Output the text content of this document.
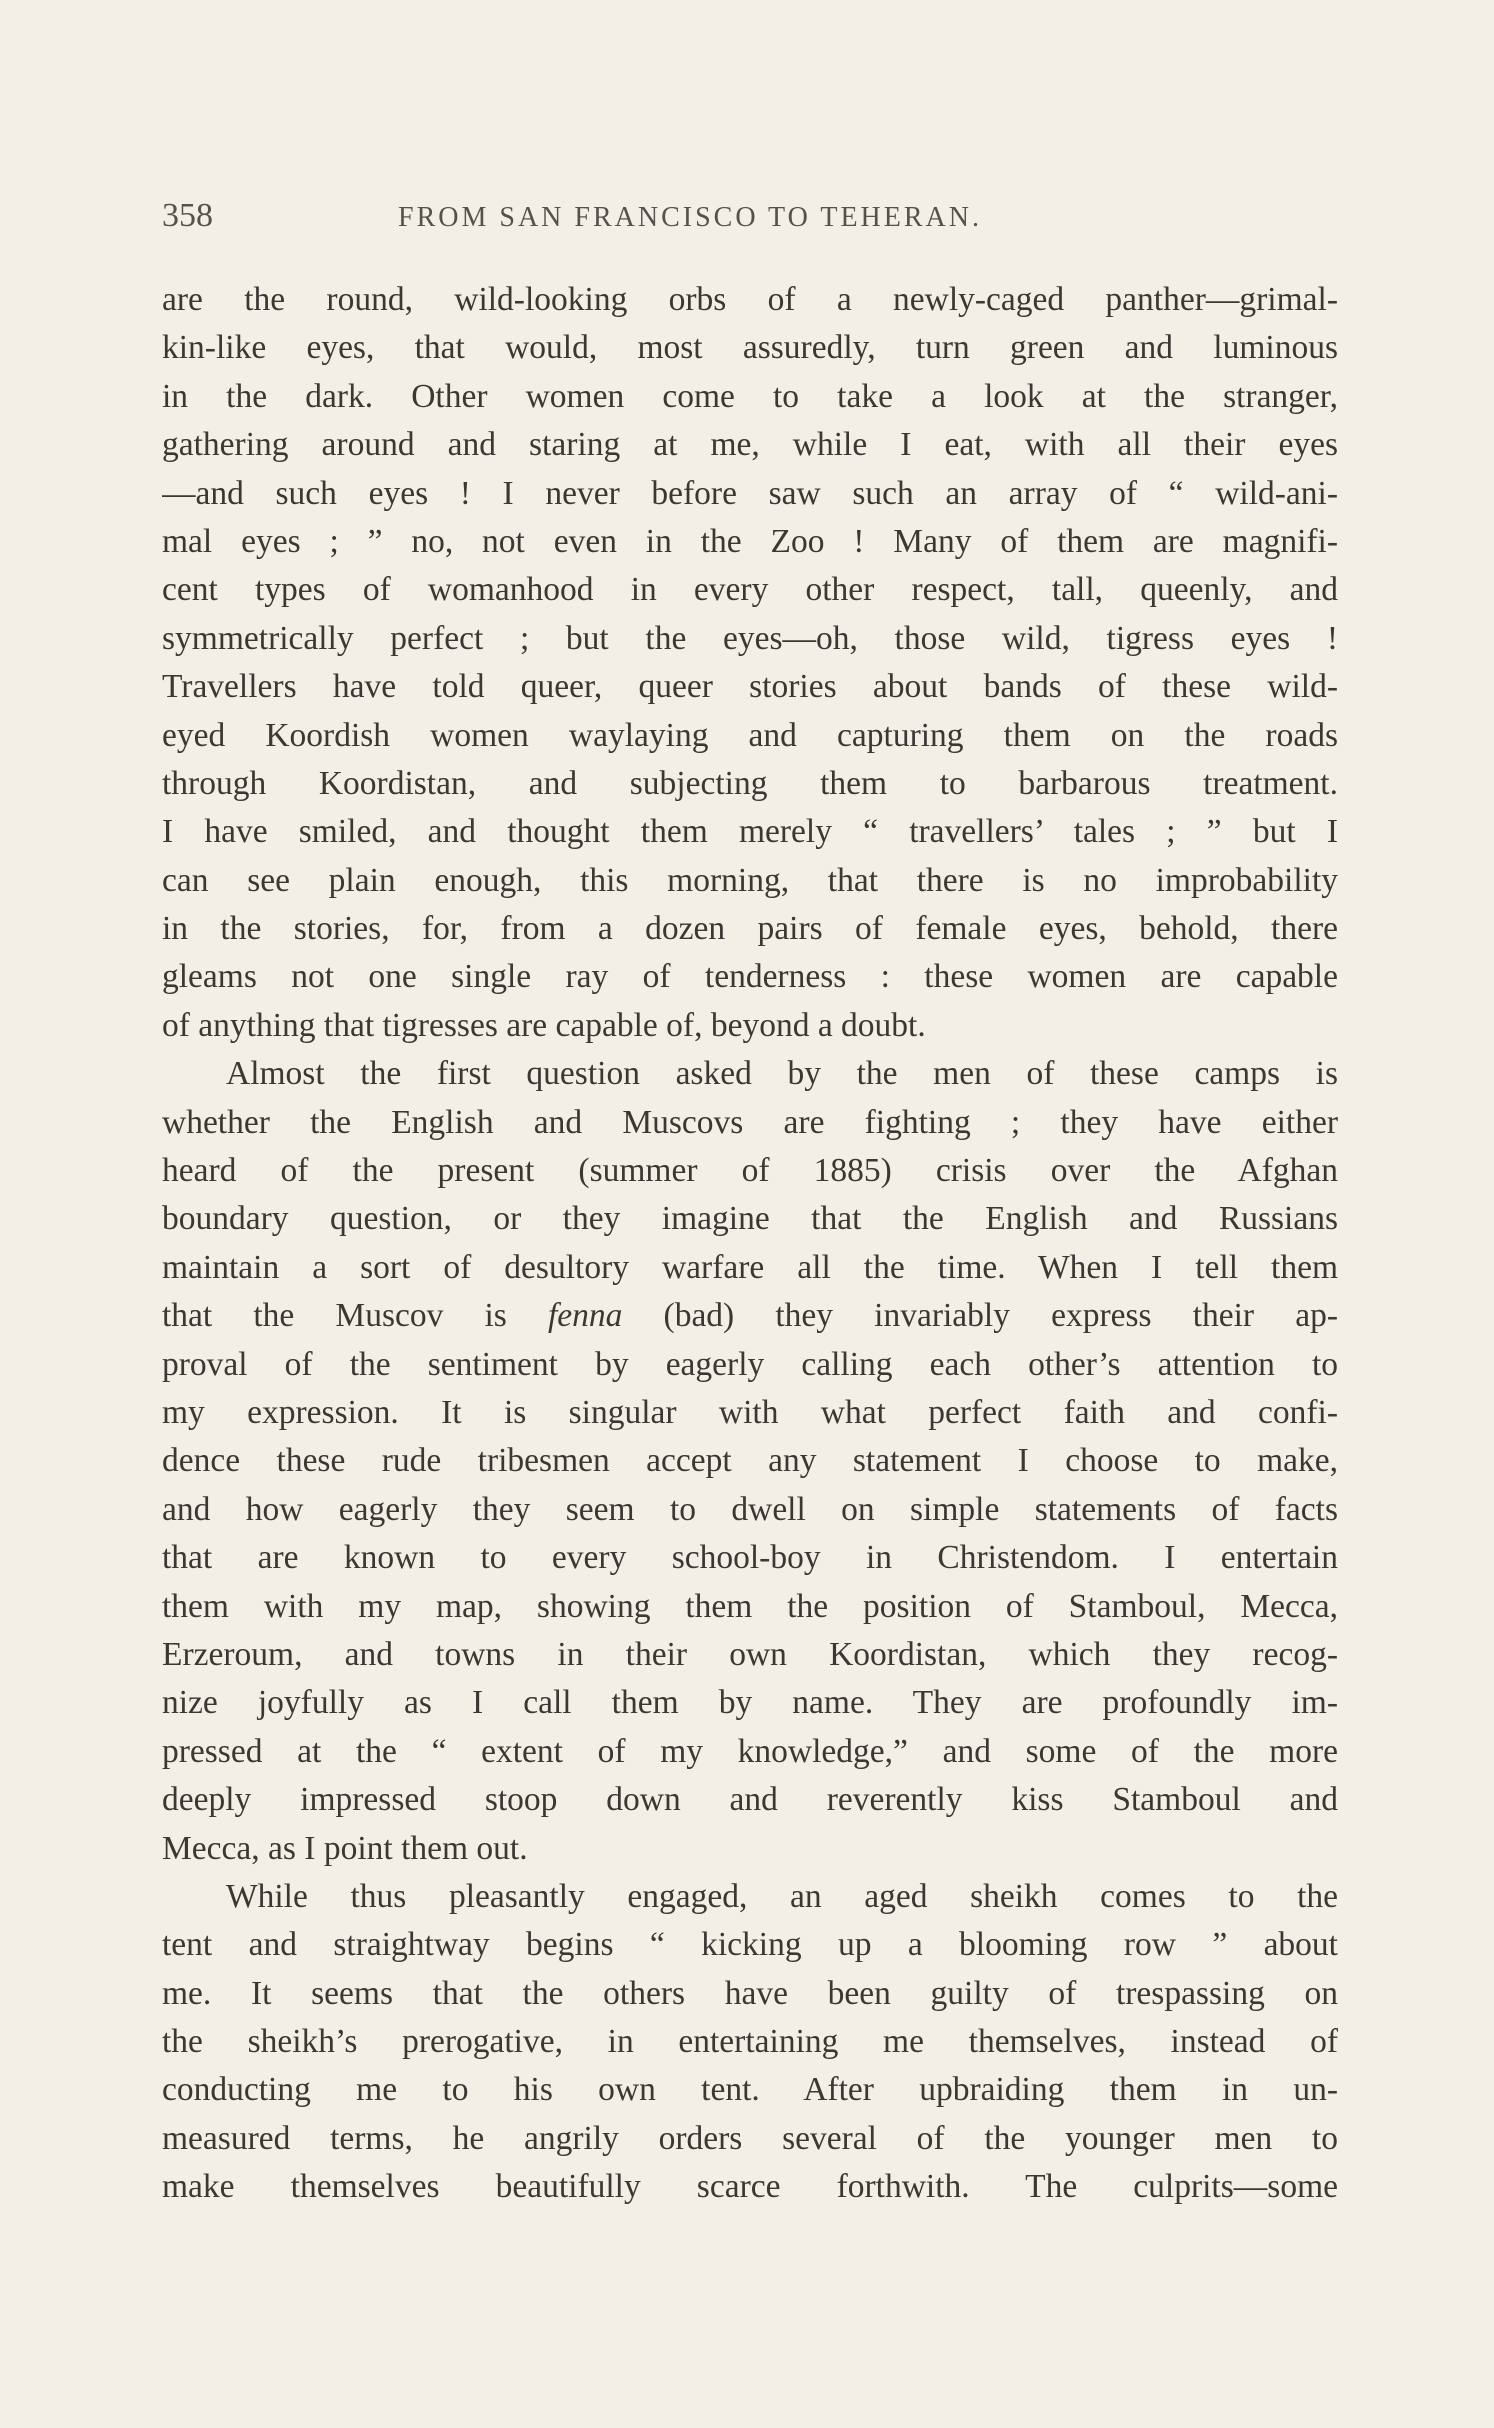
358	FROM SAN FRANCISCO TO TEHERAN.
are the round, wild-looking orbs of a newly-caged panther—grimal-
kin-like eyes, that would, most assuredly, turn green and luminous
in the dark. Other women come to take a look at the stranger,
gathering around and staring at me, while I eat, with all their eyes
—and such eyes ! I never before saw such an array of “ wild-ani-
mal eyes ; ” no, not even in the Zoo ! Many of them are magnifi-
cent types of womanhood in every other respect, tall, queenly, and
symmetrically perfect ; but the eyes—oh, those wild, tigress eyes !
Travellers have told queer, queer stories about bands of these wild-
eyed Koordish women waylaying and capturing them on the roads
through Koordistan, and subjecting them to barbarous treatment.
I have smiled, and thought them merely “ travellers’ tales ; ” but I
can see plain enough, this morning, that there is no improbability
in the stories, for, from a dozen pairs of female eyes, behold, there
gleams not one single ray of tenderness : these women are capable
of anything that tigresses are capable of, beyond a doubt.
Almost the first question asked by the men of these camps is
whether the English and Muscovs are fighting ; they have either
heard of the present (summer of 1885) crisis over the Afghan
boundary question, or they imagine that the English and Russians
maintain a sort of desultory warfare all the time. When I tell them
that the Muscov is fenna (bad) they invariably express their ap-
proval of the sentiment by eagerly calling each other’s attention to
my expression. It is singular with what perfect faith and confi-
dence these rude tribesmen accept any statement I choose to make,
and how eagerly they seem to dwell on simple statements of facts
that are known to every school-boy in Christendom. I entertain
them with my map, showing them the position of Stamboul, Mecca,
Erzeroum, and towns in their own Koordistan, which they recog-
nize joyfully as I call them by name. They are profoundly im-
pressed at the “ extent of my knowledge,” and some of the more
deeply impressed stoop down and reverently kiss Stamboul and
Mecca, as I point them out.
While thus pleasantly engaged, an aged sheikh comes to the
tent and straightway begins “ kicking up a blooming row ” about
me. It seems that the others have been guilty of trespassing on
the sheikh’s prerogative, in entertaining me themselves, instead of
conducting me to his own tent. After upbraiding them in un-
measured terms, he angrily orders several of the younger men to
make themselves beautifully scarce forthwith. The culprits—some
